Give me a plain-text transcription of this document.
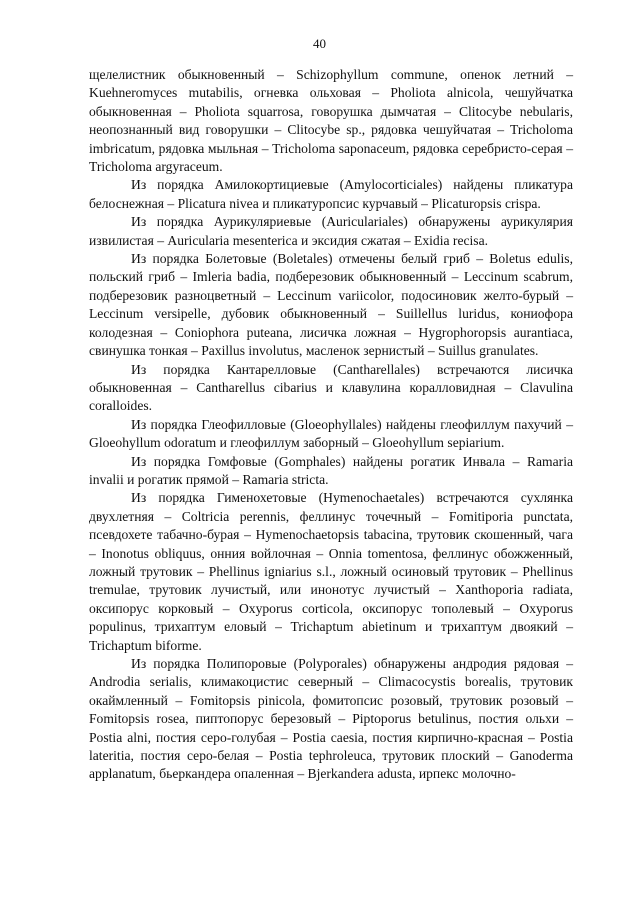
40

щелелистник обыкновенный – Schizophyllum commune, опенок летний – Kuehneromyces mutabilis, огневка ольховая – Pholiota alnicola, чешуйчатка обыкновенная – Pholiota squarrosa, говорушка дымчатая – Clitocybe nebularis, неопознанный вид говорушки – Clitocybe sp., рядовка чешуйчатая – Tricholoma imbricatum, рядовка мыльная – Tricholoma saponaceum, рядовка серебристо-серая – Tricholoma argyraceum.

Из порядка Амилокортициевые (Amylocorticiales) найдены пликатура белоснежная – Plicatura nivea и пликатуропсис курчавый – Plicaturopsis crispa.

Из порядка Аурикуляриевые (Auriculariales) обнаружены аурикулярия извилистая – Auricularia mesenterica и эксидия сжатая – Exidia recisa.

Из порядка Болетовые (Boletales) отмечены белый гриб – Boletus edulis, польский гриб – Imleria badia, подберезовик обыкновенный – Leccinum scabrum, подберезовик разноцветный – Leccinum variicolor, подосиновик желто-бурый – Leccinum versipelle, дубовик обыкновенный – Suillellus luridus, кониофора колодезная – Coniophora puteana, лисичка ложная – Hygrophoropsis aurantiaca, свинушка тонкая – Paxillus involutus, масленок зернистый – Suillus granulates.

Из порядка Кантарелловые (Cantharellales) встречаются лисичка обыкновенная – Cantharellus cibarius и клавулина коралловидная – Clavulina coralloides.

Из порядка Глеофилловые (Gloeophyllales) найдены глеофиллум пахучий – Gloeohyllum odoratum и глеофиллум заборный – Gloeohyllum sepiarium.

Из порядка Гомфовые (Gomphales) найдены рогатик Инвала – Ramaria invalii и рогатик прямой – Ramaria stricta.

Из порядка Гименохетовые (Hymenochaetales) встречаются сухлянка двухлетняя – Coltricia perennis, феллинус точечный – Fomitiporia punctata, псевдохете табачно-бурая – Hymenochaetopsis tabacina, трутовик скошенный, чага – Inonotus obliquus, онния войлочная – Onnia tomentosa, феллинус обожженный, ложный трутовик – Phellinus igniarius s.l., ложный осиновый трутовик – Phellinus tremulae, трутовик лучистый, или инонотус лучистый – Xanthoporia radiata, оксипорус корковый – Oxyporus corticola, оксипорус тополевый – Oxyporus populinus, трихаптум еловый – Trichaptum abietinum и трихаптум двоякий – Trichaptum biforme.

Из порядка Полипоровые (Polyporales) обнаружены андродия рядовая – Androdia serialis, климакоцистис северный – Climacocystis borealis, трутовик окаймленный – Fomitopsis pinicola, фомитопсис розовый, трутовик розовый – Fomitopsis rosea, пиптопорус березовый – Piptoporus betulinus, постия ольхи – Postia alni, постия серо-голубая – Postia caesia, постия кирпично-красная – Postia lateritia, постия серо-белая – Postia tephroleuca, трутовик плоский – Ganoderma applanatum, бьеркандера опаленная – Bjerkandera adusta, ирпекс молочно-
